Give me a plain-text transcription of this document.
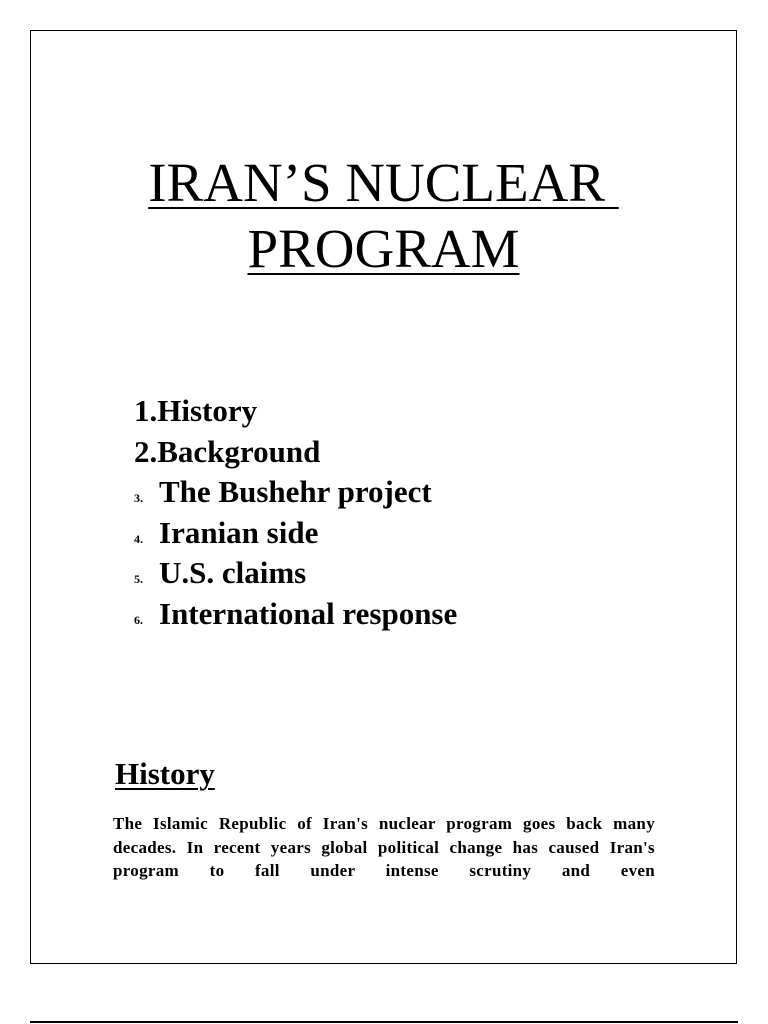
IRAN’S NUCLEAR
PROGRAM
1.History
2.Background
3. The Bushehr project
4. Iranian side
5. U.S. claims
6. International response
History

The Islamic Republic of Iran's nuclear program goes back many decades. In recent years global political change has caused Iran's program to fall under intense scrutiny and even
